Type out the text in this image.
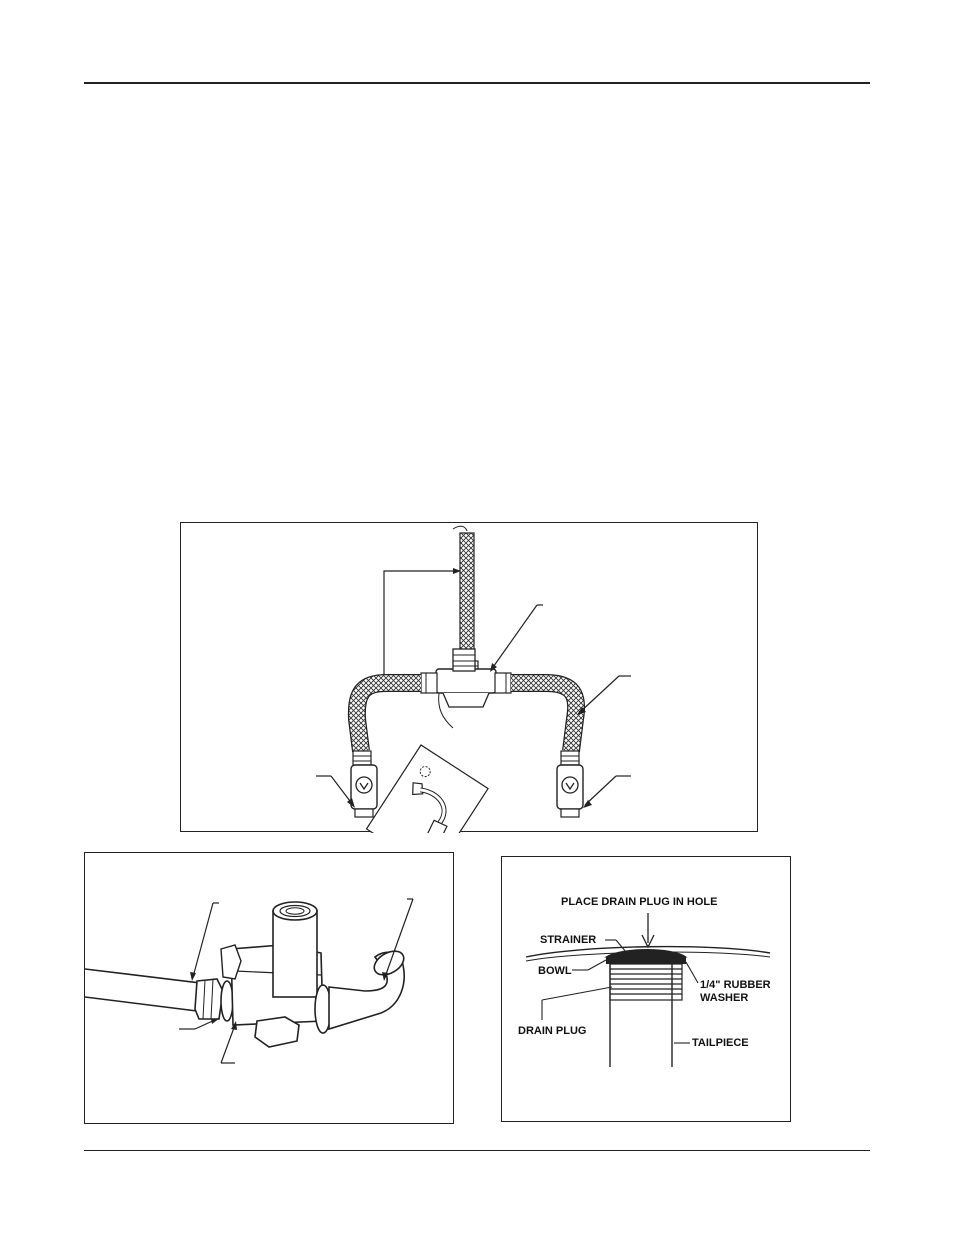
PLACE DRAIN PLUG IN HOLE
STRAINER
BOWL
1/4" RUBBER
WASHER
DRAIN PLUG
TAILPIECE
